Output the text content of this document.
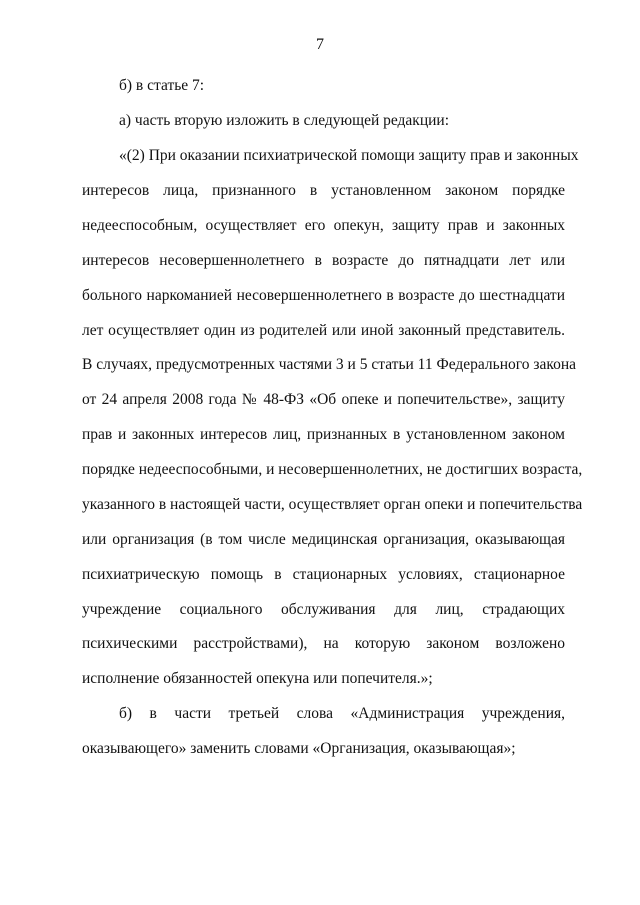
7
б) в статье 7:
а) часть вторую изложить в следующей редакции:
«(2) При оказании психиатрической помощи защиту прав и законных
интересов лица, признанного в установленном законом порядке
недееспособным, осуществляет его опекун, защиту прав и законных
интересов несовершеннолетнего в возрасте до пятнадцати лет или
больного наркоманией несовершеннолетнего в возрасте до шестнадцати
лет осуществляет один из родителей или иной законный представитель.
В случаях, предусмотренных частями 3 и 5 статьи 11 Федерального закона
от 24 апреля 2008 года № 48-ФЗ «Об опеке и попечительстве», защиту
прав и законных интересов лиц, признанных в установленном законом
порядке недееспособными, и несовершеннолетних, не достигших возраста,
указанного в настоящей части, осуществляет орган опеки и попечительства
или организация (в том числе медицинская организация, оказывающая
психиатрическую помощь в стационарных условиях, стационарное
учреждение социального обслуживания для лиц, страдающих
психическими расстройствами), на которую законом возложено
исполнение обязанностей опекуна или попечителя.»;
б) в части третьей слова «Администрация учреждения,
оказывающего» заменить словами «Организация, оказывающая»;
